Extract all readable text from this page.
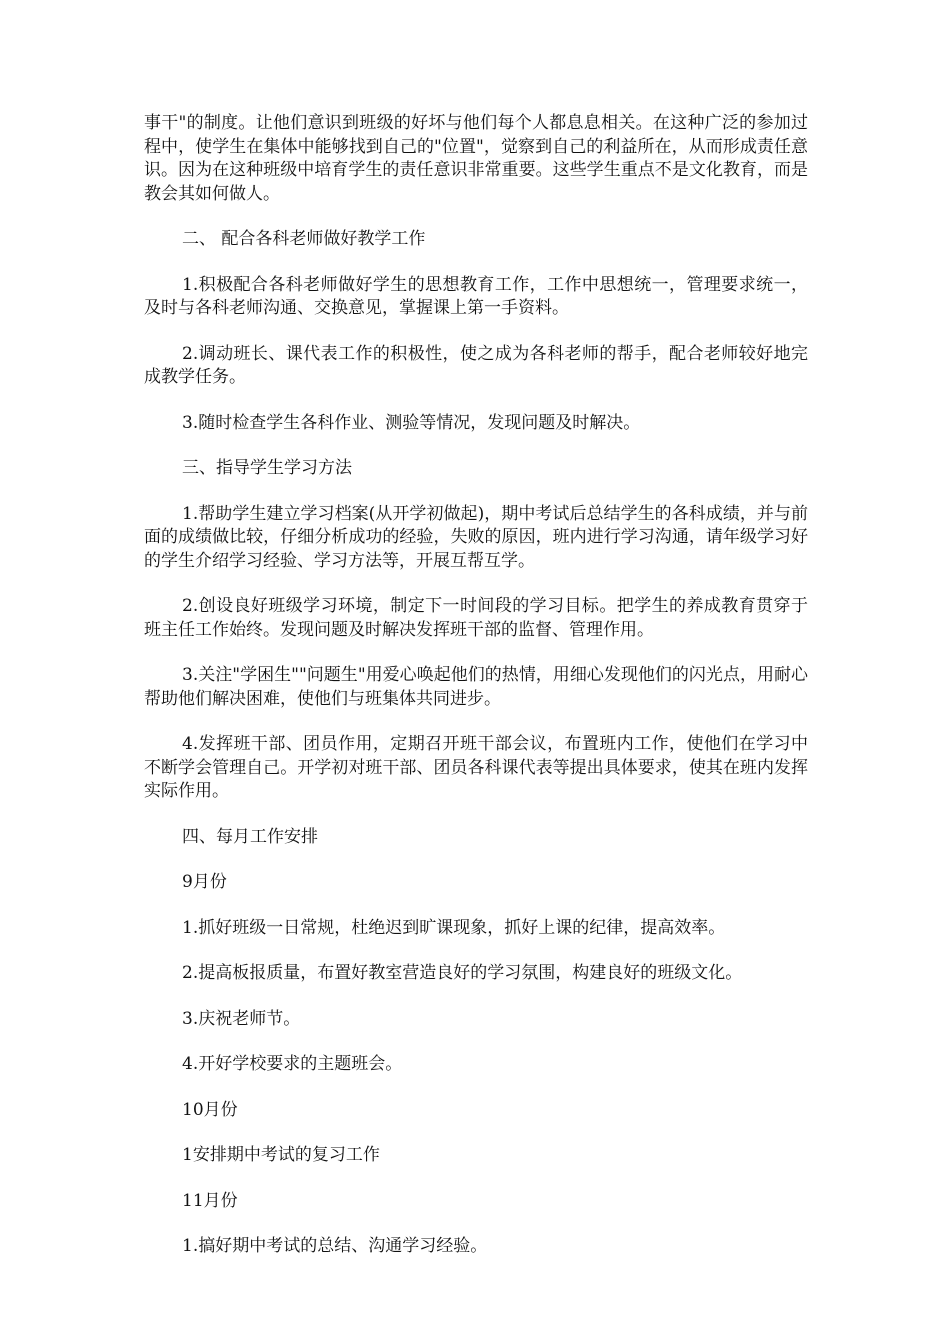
事干"的制度。让他们意识到班级的好坏与他们每个人都息息相关。在这种广泛的参加过程中，使学生在集体中能够找到自己的"位置"，觉察到自己的利益所在，从而形成责任意识。因为在这种班级中培育学生的责任意识非常重要。这些学生重点不是文化教育，而是教会其如何做人。

二、 配合各科老师做好教学工作

1.积极配合各科老师做好学生的思想教育工作，工作中思想统一，管理要求统一，及时与各科老师沟通、交换意见，掌握课上第一手资料。

2.调动班长、课代表工作的积极性，使之成为各科老师的帮手，配合老师较好地完成教学任务。

3.随时检查学生各科作业、测验等情况，发现问题及时解决。

三、指导学生学习方法

1.帮助学生建立学习档案(从开学初做起)，期中考试后总结学生的各科成绩，并与前面的成绩做比较，仔细分析成功的经验，失败的原因，班内进行学习沟通，请年级学习好的学生介绍学习经验、学习方法等，开展互帮互学。

2.创设良好班级学习环境，制定下一时间段的学习目标。把学生的养成教育贯穿于班主任工作始终。发现问题及时解决发挥班干部的监督、管理作用。

3.关注"学困生""问题生"用爱心唤起他们的热情，用细心发现他们的闪光点，用耐心帮助他们解决困难，使他们与班集体共同进步。

4.发挥班干部、团员作用，定期召开班干部会议，布置班内工作，使他们在学习中不断学会管理自己。开学初对班干部、团员各科课代表等提出具体要求，使其在班内发挥实际作用。

四、每月工作安排

9月份

1.抓好班级一日常规，杜绝迟到旷课现象，抓好上课的纪律，提高效率。

2.提高板报质量，布置好教室营造良好的学习氛围，构建良好的班级文化。

3.庆祝老师节。

4.开好学校要求的主题班会。

10月份

1安排期中考试的复习工作

11月份

1.搞好期中考试的总结、沟通学习经验。
